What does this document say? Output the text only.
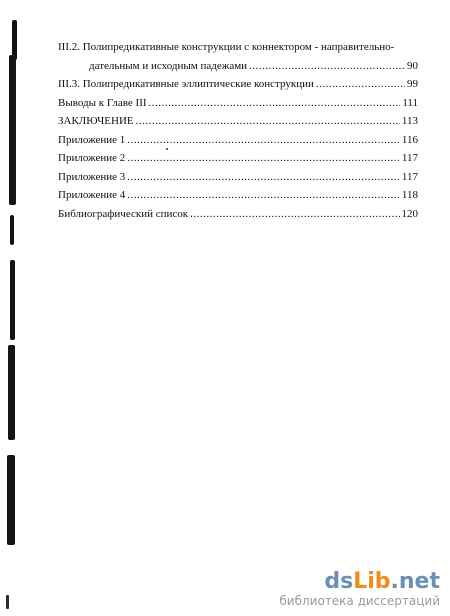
III.2. Полипредикативные конструкции с коннектором - направительно-
дательным и исходным падежами .....	90
III.3. Полипредикативные эллиптические конструкции .....	99
Выводы к Главе III .....	111
ЗАКЛЮЧЕНИЕ .....	113
Приложение 1 .....	116
Приложение 2 .....	117
Приложение 3 .....	117
Приложение 4 .....	118
Библиографический список .....	120
dsLib.net
библиотека диссертаций
